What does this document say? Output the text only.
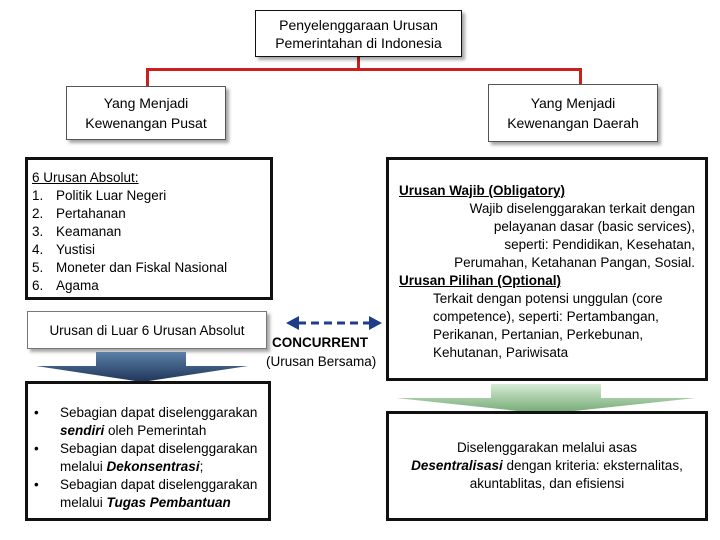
Penyelenggaraan Urusan
Pemerintahan di Indonesia
Yang Menjadi
Kewenangan Pusat
Yang Menjadi
Kewenangan Daerah
6 Urusan Absolut:
1. Politik Luar Negeri
2. Pertahanan
3. Keamanan
4. Yustisi
5. Moneter dan Fiskal Nasional
6. Agama
Urusan di Luar 6 Urusan Absolut
•	Sebagian dapat diselenggarakan
sendiri oleh Pemerintah
•	Sebagian dapat diselenggarakan
melalui Dekonsentrasi;
•	Sebagian dapat diselenggarakan
melalui Tugas Pembantuan
CONCURRENT
(Urusan Bersama)
Urusan Wajib (Obligatory)
Wajib diselenggarakan terkait dengan
pelayanan dasar (basic services),
seperti: Pendidikan, Kesehatan,
Perumahan, Ketahanan Pangan, Sosial.
Urusan Pilihan (Optional)
Terkait dengan potensi unggulan (core
competence), seperti: Pertambangan,
Perikanan, Pertanian, Perkebunan,
Kehutanan, Pariwisata
Diselenggarakan melalui asas
Desentralisasi dengan kriteria: eksternalitas,
akuntablitas, dan efisiensi
